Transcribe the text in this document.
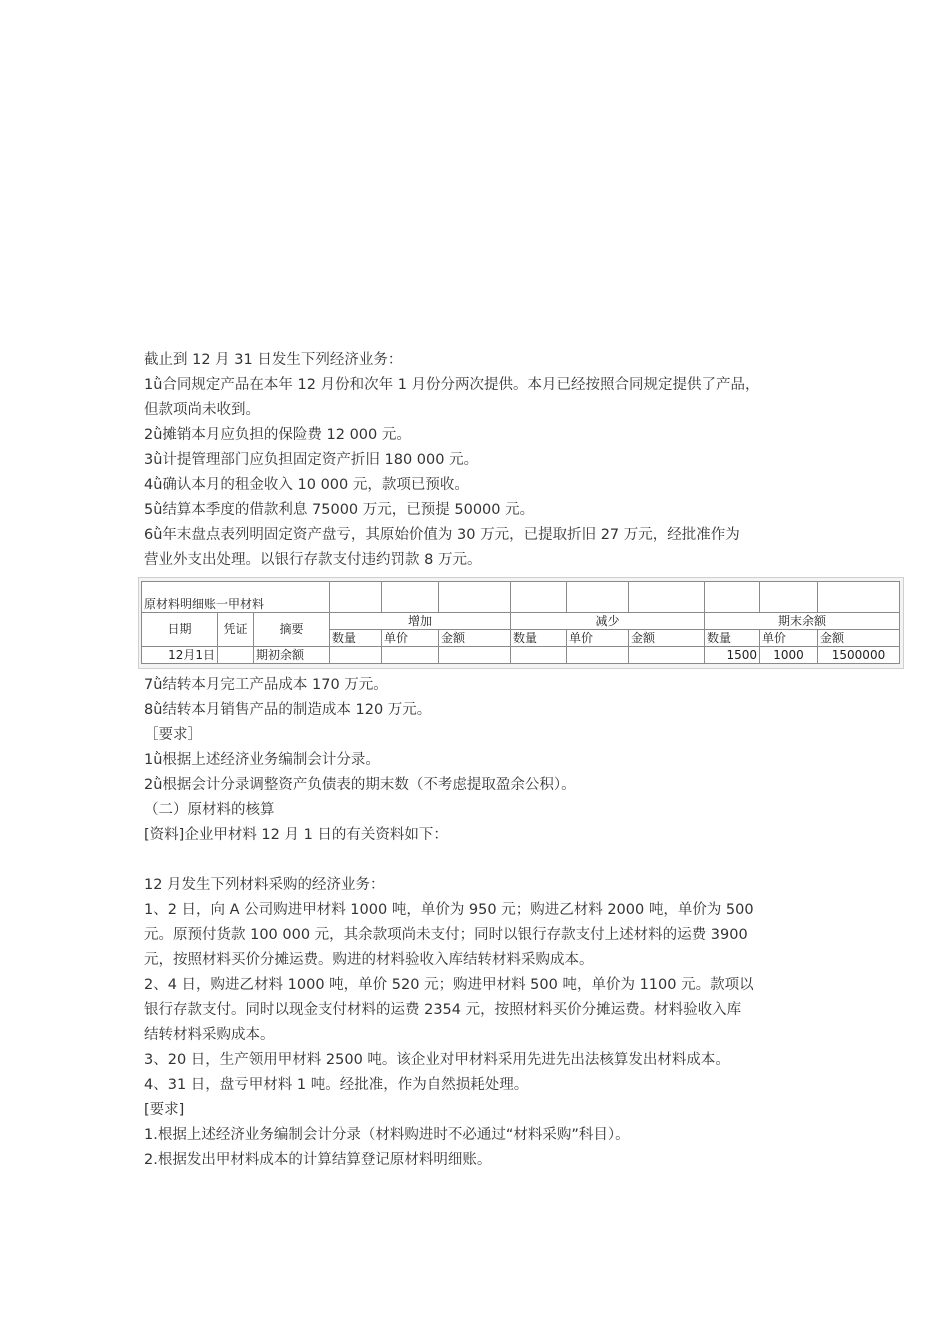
截止到 12 月 31 日发生下列经济业务：
1ǜ合同规定产品在本年 12 月份和次年 1 月份分两次提供。本月已经按照合同规定提供了产品，
但款项尚未收到。
2ǜ摊销本月应负担的保险费 12 000 元。
3ǜ计提管理部门应负担固定资产折旧 180 000 元。
4ǜ确认本月的租金收入 10 000 元，款项已预收。
5ǜ结算本季度的借款利息 75000 万元，已预提 50000 元。
6ǜ年末盘点表列明固定资产盘亏，其原始价值为 30 万元，已提取折旧 27 万元，经批准作为
营业外支出处理。以银行存款支付违约罚款 8 万元。
原材料明细账一甲材料											
日期	凭证	摘要	增加			减少			期末余额		
			数量	单价	金额	数量	单价	金额	数量	单价	金额
12月1日		期初余额							1500	1000	1500000
7ǜ结转本月完工产品成本 170 万元。
8ǜ结转本月销售产品的制造成本 120 万元。
［要求］
1ǜ根据上述经济业务编制会计分录。
2ǜ根据会计分录调整资产负债表的期末数（不考虑提取盈余公积）。
（二）原材料的核算
[资料]企业甲材料 12 月 1 日的有关资料如下：
12 月发生下列材料采购的经济业务：
1、2 日，向 A 公司购进甲材料 1000 吨，单价为 950 元；购进乙材料 2000 吨，单价为 500
元。原预付货款 100 000 元，其余款项尚未支付；同时以银行存款支付上述材料的运费 3900
元，按照材料买价分摊运费。购进的材料验收入库结转材料采购成本。
2、4 日，购进乙材料 1000 吨，单价 520 元；购进甲材料 500 吨，单价为 1100 元。款项以
银行存款支付。同时以现金支付材料的运费 2354 元，按照材料买价分摊运费。材料验收入库
结转材料采购成本。
3、20 日，生产领用甲材料 2500 吨。该企业对甲材料采用先进先出法核算发出材料成本。
4、31 日，盘亏甲材料 1 吨。经批准，作为自然损耗处理。
[要求]
1.根据上述经济业务编制会计分录（材料购进时不必通过“材料采购”科目）。
2.根据发出甲材料成本的计算结算登记原材料明细账。
